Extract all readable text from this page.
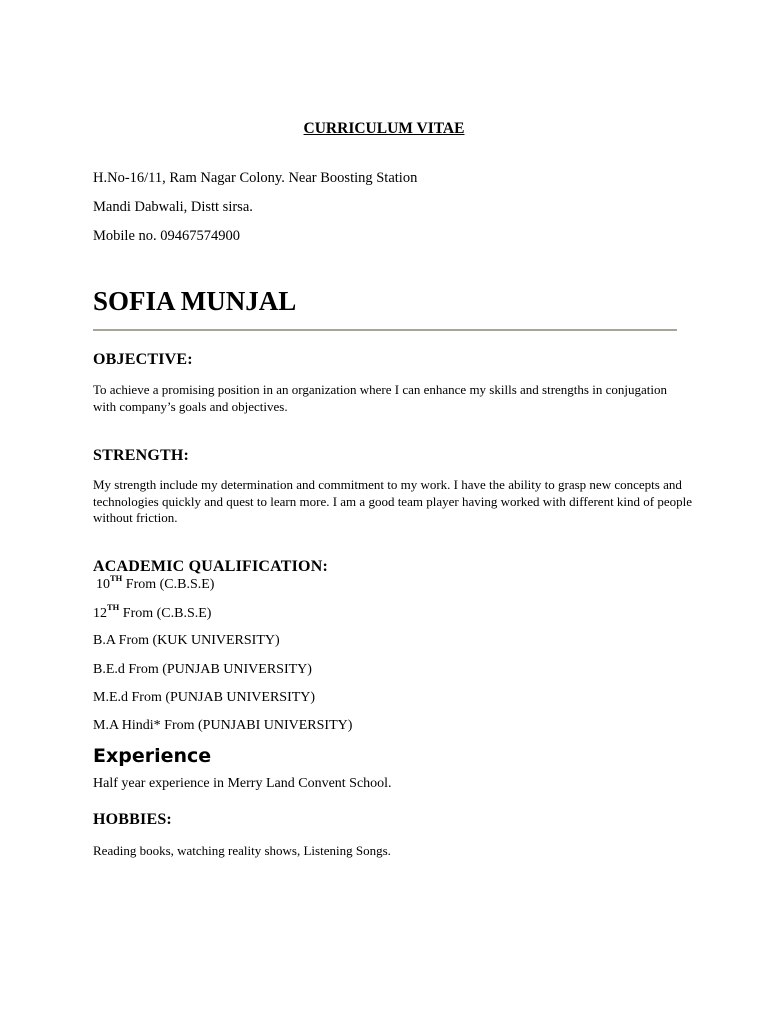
CURRICULUM VITAE
H.No-16/11, Ram Nagar Colony. Near Boosting Station
Mandi Dabwali, Distt sirsa.
Mobile no. 09467574900
SOFIA MUNJAL
OBJECTIVE:
To achieve a promising position in an organization where I can enhance my skills and strengths in conjugation with company’s goals and objectives.
STRENGTH:
My strength include my determination and commitment to my work. I have the ability to grasp new concepts and technologies quickly and quest to learn more. I am a good team player having worked with different kind of people without friction.
ACADEMIC QUALIFICATION:
10TH From (C.B.S.E)
12TH From (C.B.S.E)
B.A From (KUK UNIVERSITY)
B.E.d From (PUNJAB UNIVERSITY)
M.E.d From (PUNJAB UNIVERSITY)
M.A Hindi* From (PUNJABI UNIVERSITY)
Experience
Half year experience in Merry Land Convent School.
HOBBIES:
Reading books, watching reality shows, Listening Songs.
